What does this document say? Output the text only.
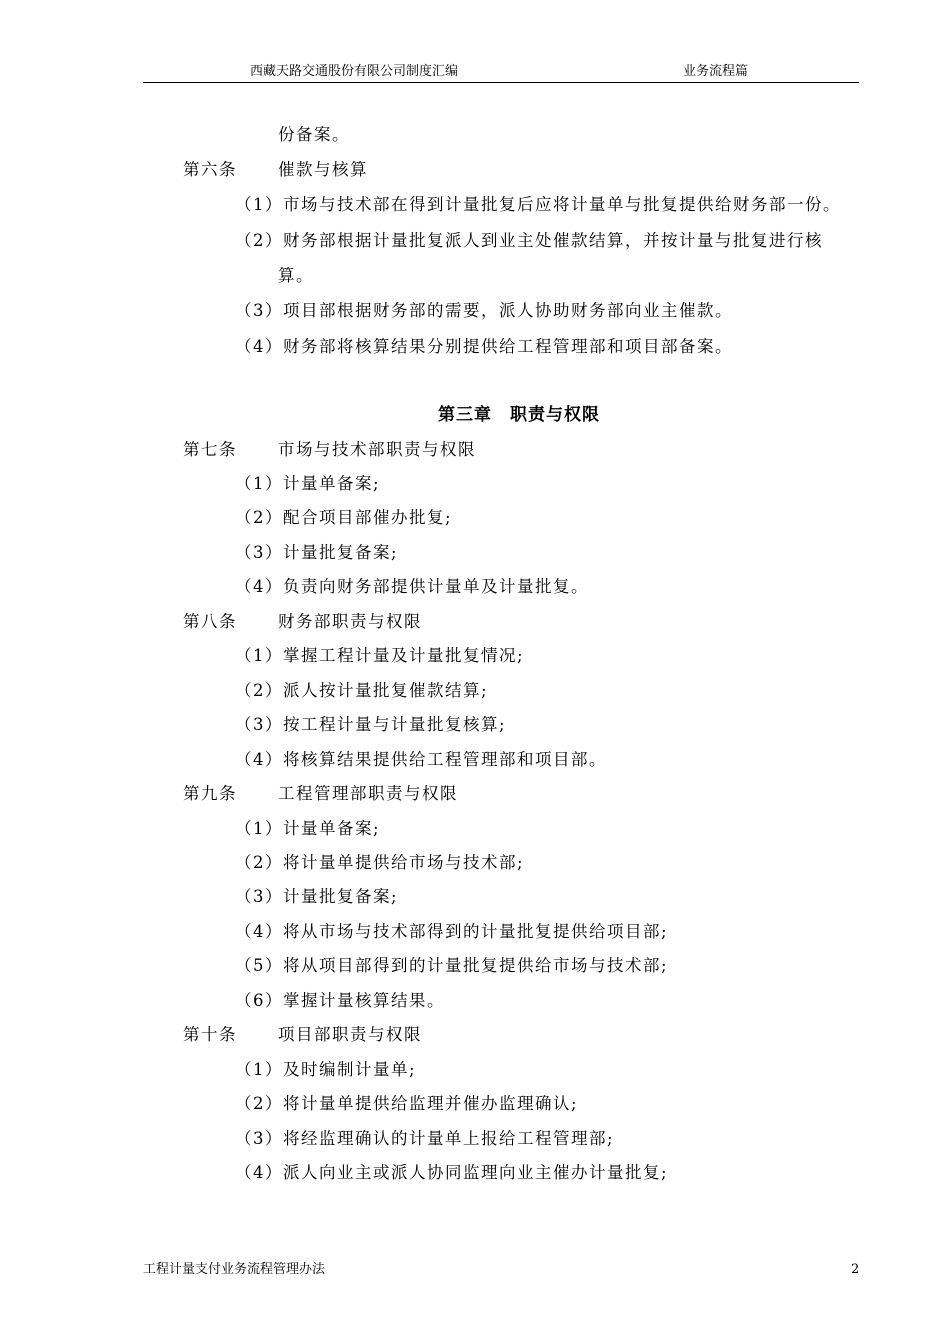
西藏天路交通股份有限公司制度汇编	业务流程篇
份备案。
第六条 催款与核算
（1）市场与技术部在得到计量批复后应将计量单与批复提供给财务部一份。
（2）财务部根据计量批复派人到业主处催款结算，并按计量与批复进行核
算。
（3）项目部根据财务部的需要，派人协助财务部向业主催款。
（4）财务部将核算结果分别提供给工程管理部和项目部备案。
第三章　职责与权限
第七条 市场与技术部职责与权限
（1）计量单备案;
（2）配合项目部催办批复;
（3）计量批复备案;
（4）负责向财务部提供计量单及计量批复。
第八条 财务部职责与权限
（1）掌握工程计量及计量批复情况;
（2）派人按计量批复催款结算;
（3）按工程计量与计量批复核算;
（4）将核算结果提供给工程管理部和项目部。
第九条 工程管理部职责与权限
（1）计量单备案;
（2）将计量单提供给市场与技术部;
（3）计量批复备案;
（4）将从市场与技术部得到的计量批复提供给项目部;
（5）将从项目部得到的计量批复提供给市场与技术部;
（6）掌握计量核算结果。
第十条 项目部职责与权限
（1）及时编制计量单;
（2）将计量单提供给监理并催办监理确认;
（3）将经监理确认的计量单上报给工程管理部;
（4）派人向业主或派人协同监理向业主催办计量批复;
工程计量支付业务流程管理办法	2
